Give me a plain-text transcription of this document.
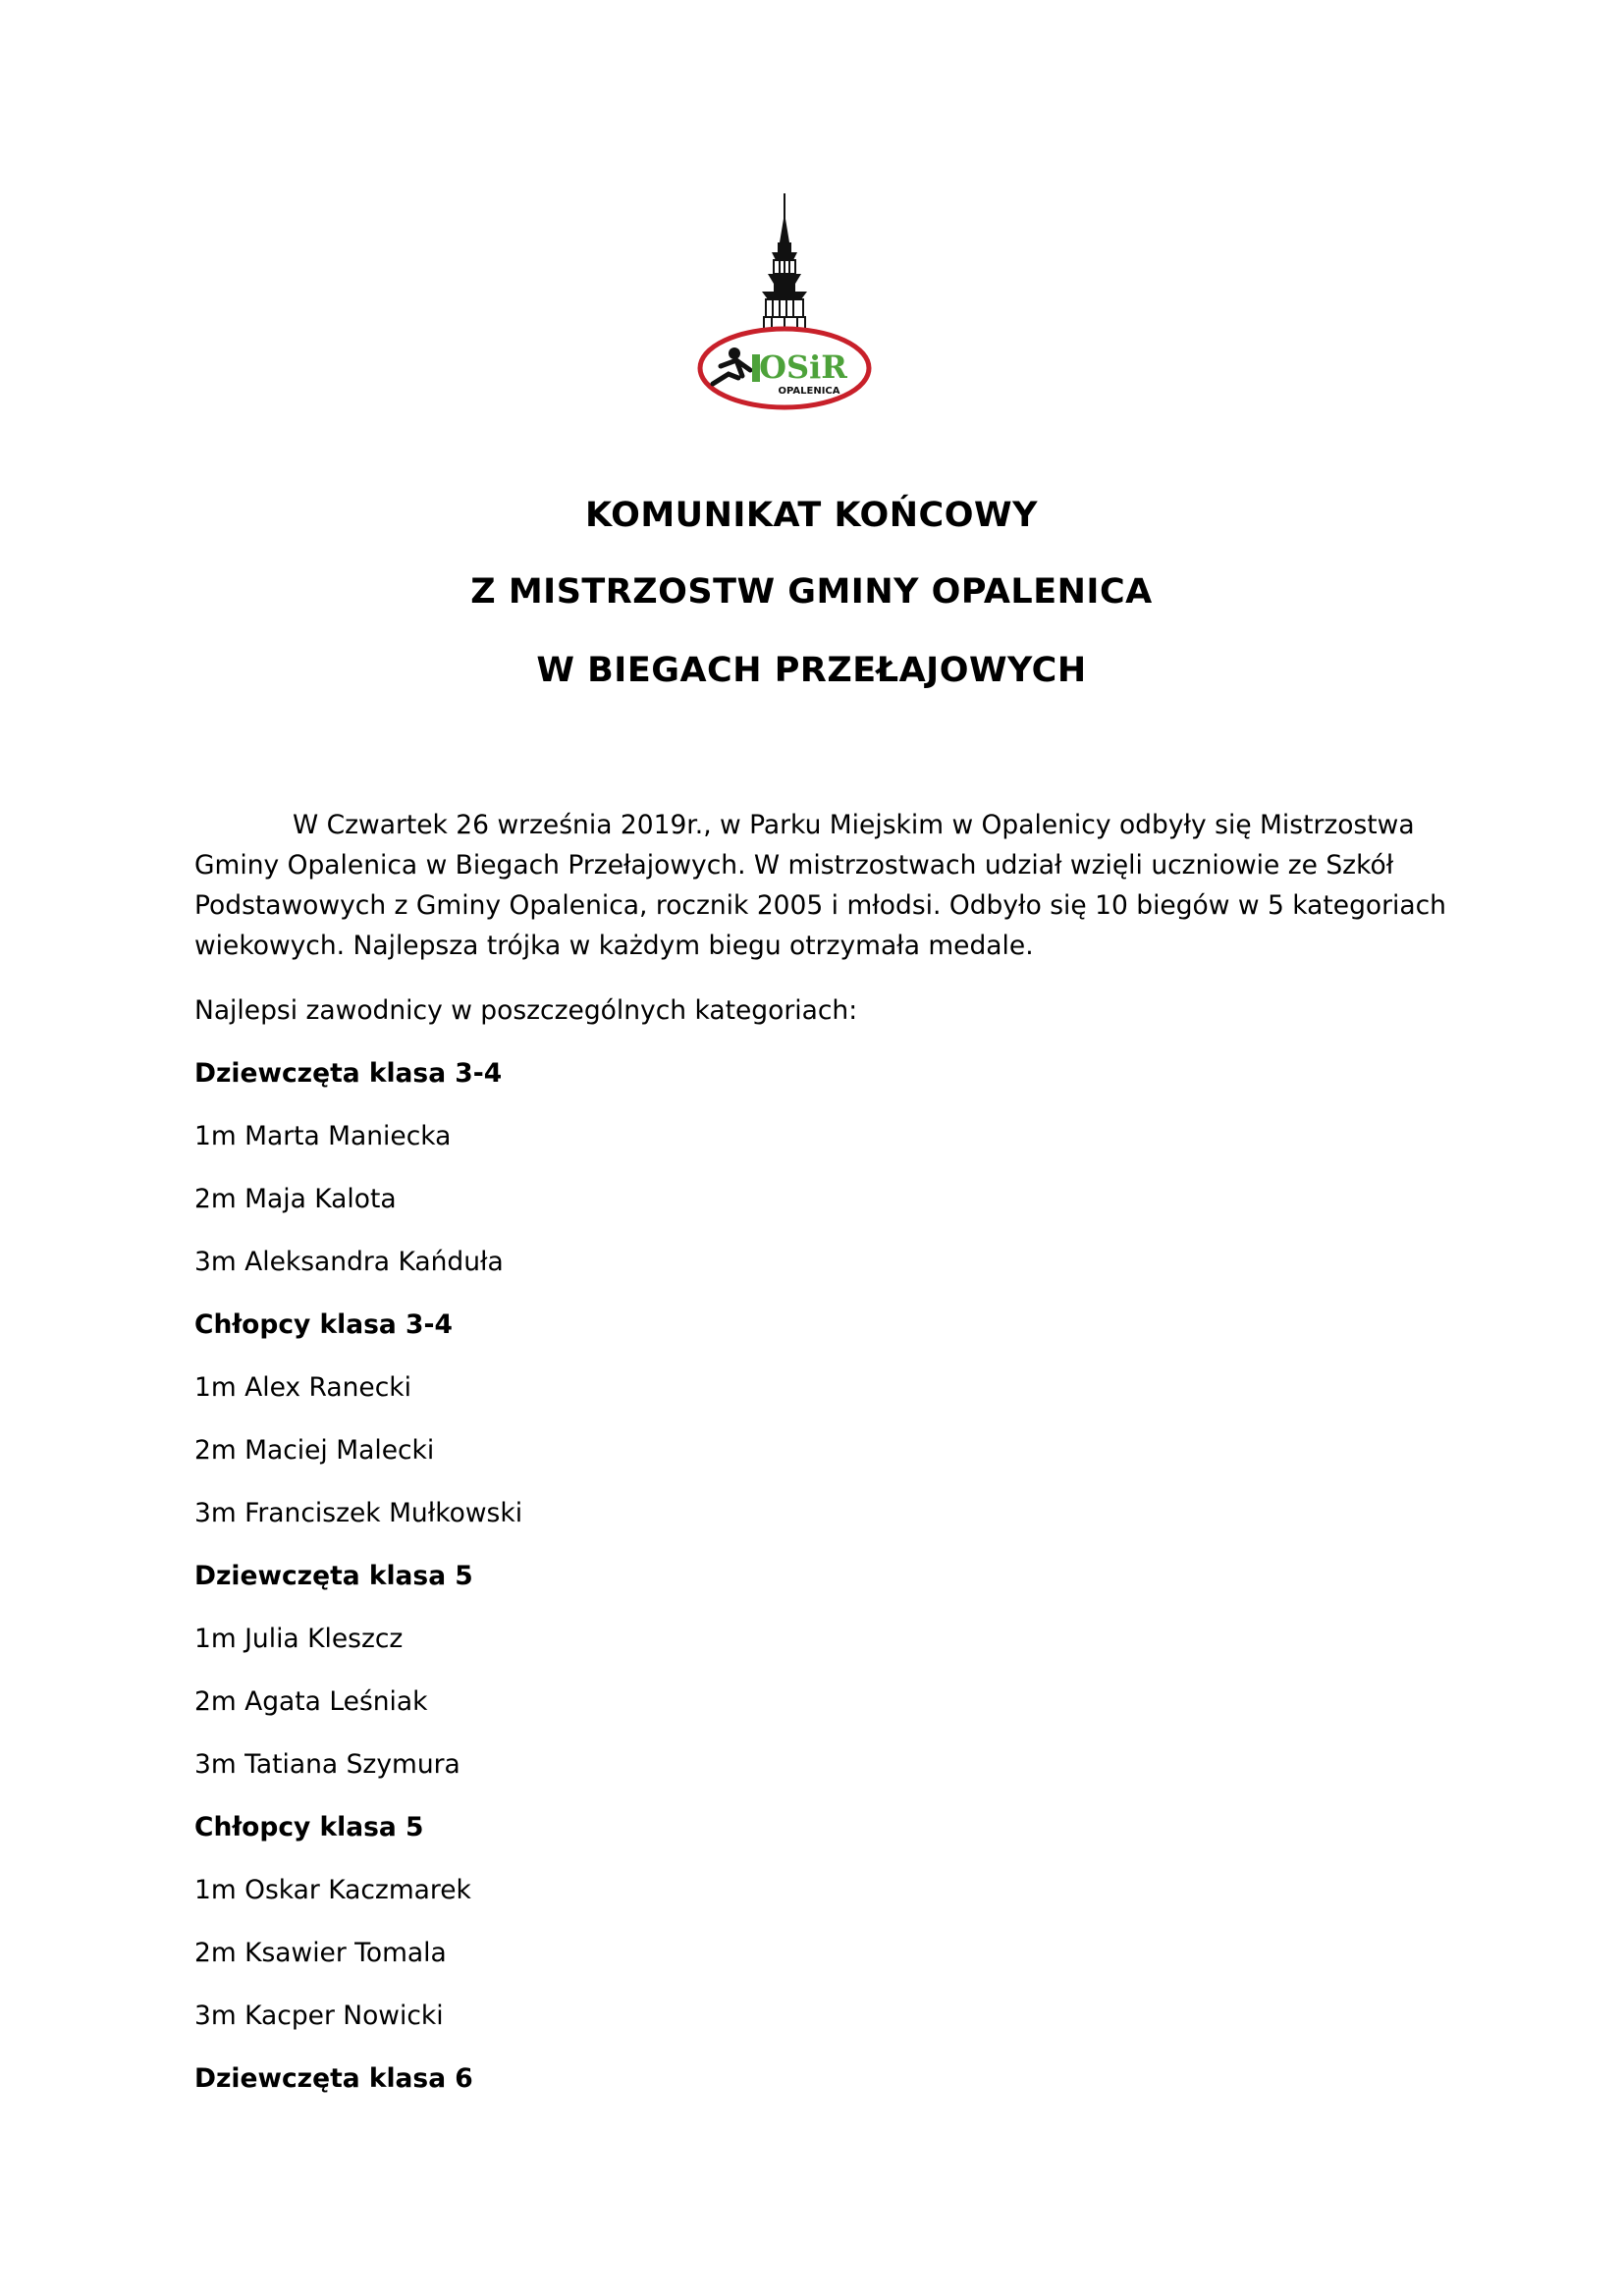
OSiR
OPALENICA
KOMUNIKAT KOŃCOWY
Z MISTRZOSTW GMINY OPALENICA
W BIEGACH PRZEŁAJOWYCH

W Czwartek 26 września 2019r., w Parku Miejskim w Opalenicy odbyły się Mistrzostwa
Gminy Opalenica w Biegach Przełajowych. W mistrzostwach udział wzięli uczniowie ze Szkół
Podstawowych z Gminy Opalenica, rocznik 2005 i młodsi. Odbyło się 10 biegów w 5 kategoriach
wiekowych. Najlepsza trójka w każdym biegu otrzymała medale.

Najlepsi zawodnicy w poszczególnych kategoriach:
Dziewczęta klasa 3-4
1m Marta Maniecka
2m Maja Kalota
3m Aleksandra Kańduła
Chłopcy klasa 3-4
1m Alex Ranecki
2m Maciej Malecki
3m Franciszek Mułkowski
Dziewczęta klasa 5
1m Julia Kleszcz
2m Agata Leśniak
3m Tatiana Szymura
Chłopcy klasa 5
1m Oskar Kaczmarek
2m Ksawier Tomala
3m Kacper Nowicki
Dziewczęta klasa 6
